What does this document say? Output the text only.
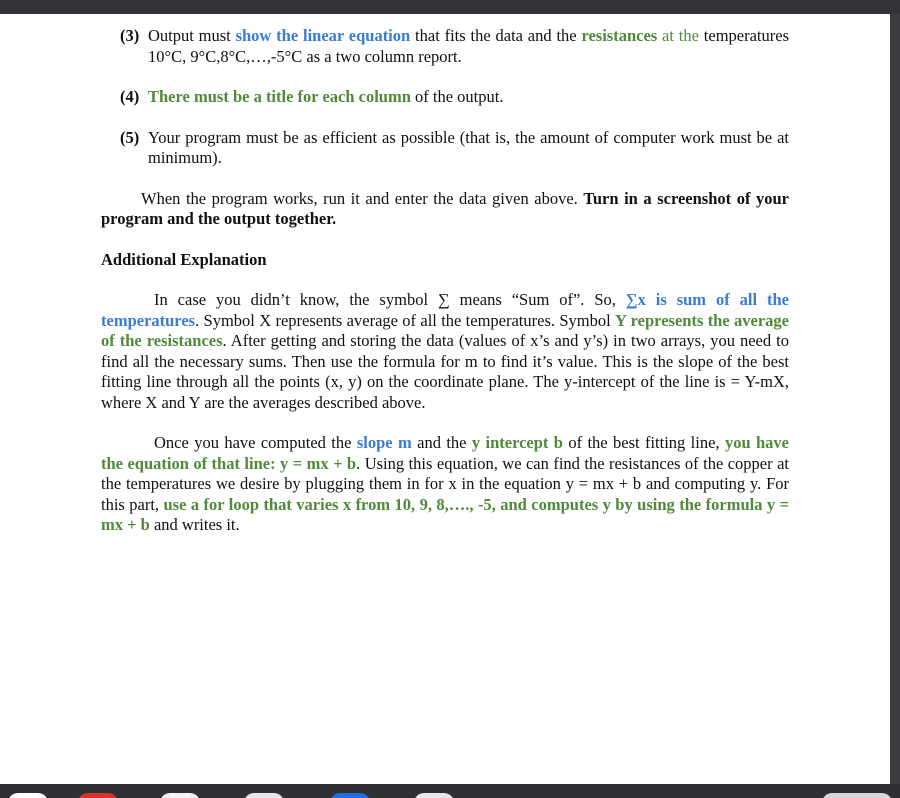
(3) Output must show the linear equation that fits the data and the resistances at the temperatures 10°C, 9°C,8°C,…,-5°C as a two column report.
(4) There must be a title for each column of the output.
(5) Your program must be as efficient as possible (that is, the amount of computer work must be at minimum).
When the program works, run it and enter the data given above. Turn in a screenshot of your program and the output together.
Additional Explanation
In case you didn’t know, the symbol ∑ means “Sum of”. So, ∑x is sum of all the temperatures. Symbol X represents average of all the temperatures. Symbol Y represents the average of the resistances. After getting and storing the data (values of x’s and y’s) in two arrays, you need to find all the necessary sums. Then use the formula for m to find it’s value. This is the slope of the best fitting line through all the points (x, y) on the coordinate plane. The y-intercept of the line is = Y-mX, where X and Y are the averages described above.
Once you have computed the slope m and the y intercept b of the best fitting line, you have the equation of that line: y = mx + b. Using this equation, we can find the resistances of the copper at the temperatures we desire by plugging them in for x in the equation y = mx + b and computing y. For this part, use a for loop that varies x from 10, 9, 8,…., -5, and computes y by using the formula y = mx + b and writes it.
